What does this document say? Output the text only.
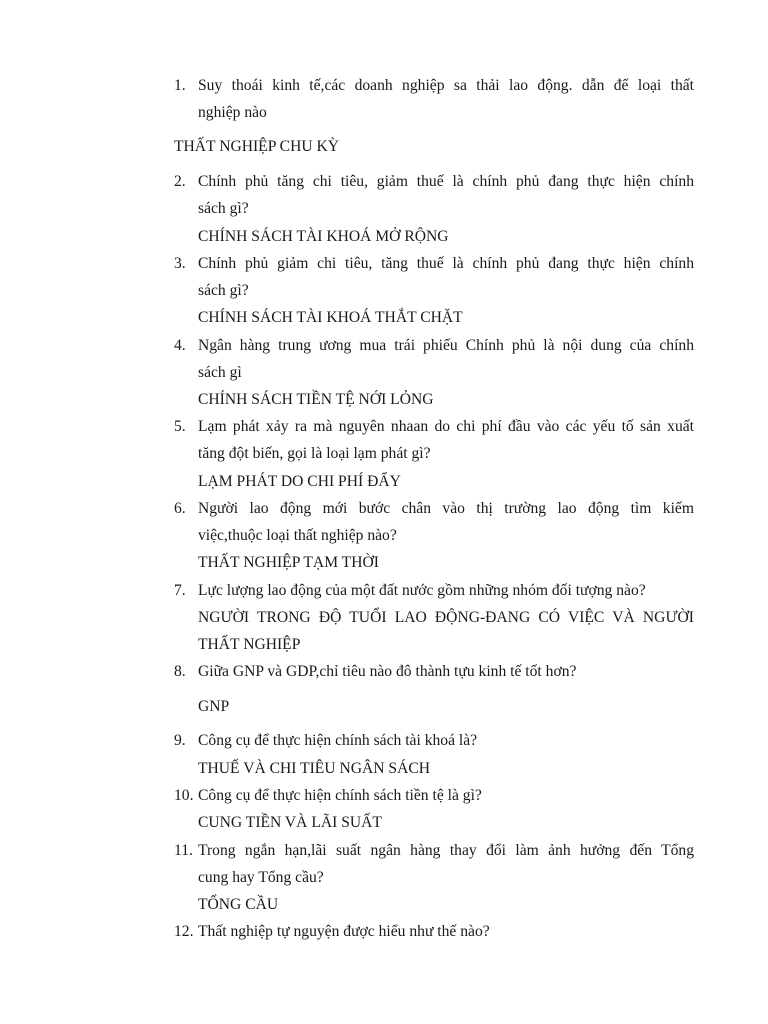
1. Suy thoái kinh tế,các doanh nghiệp sa thải lao động. dẫn để loại thất
nghiệp nào
THẤT NGHIỆP CHU KỲ
2. Chính phủ tăng chi tiêu, giảm thuế là chính phủ đang thực hiện chính
sách gì?
CHÍNH SÁCH TÀI KHOÁ MỞ RỘNG
3. Chính phủ giảm chi tiêu, tăng thuế là chính phủ đang thực hiện chính
sách gì?
CHÍNH SÁCH TÀI KHOÁ THẮT CHẶT
4. Ngân hàng trung ương mua trái phiếu Chính phủ là nội dung của chính
sách gì
CHÍNH SÁCH TIỀN TỆ NỚI LỎNG
5. Lạm phát xảy ra mà nguyên nhaan do chi phí đầu vào các yếu tố sản xuất
tăng đột biến, gọi là loại lạm phát gì?
LẠM PHÁT DO CHI PHÍ ĐẨY
6. Người lao động mới bước chân vào thị trường lao động tìm kiếm
việc,thuộc loại thất nghiệp nào?
THẤT NGHIỆP TẠM THỜI
7. Lực lượng lao động của một đất nước gồm những nhóm đối tượng nào?
NGƯỜI TRONG ĐỘ TUỔI LAO ĐỘNG-ĐANG CÓ VIỆC VÀ NGƯỜI
THẤT NGHIỆP
8. Giữa GNP và GDP,chỉ tiêu nào đô thành tựu kinh tế tốt hơn?
GNP
9. Công cụ để thực hiện chính sách tài khoá là?
THUẾ VÀ CHI TIÊU NGÂN SÁCH
10. Công cụ để thực hiện chính sách tiền tệ là gì?
CUNG TIỀN VÀ LÃI SUẤT
11. Trong ngắn hạn,lãi suất ngân hàng thay đổi làm ảnh hưởng đến Tổng
cung hay Tổng cầu?
TỔNG CẦU
12. Thất nghiệp tự nguyện được hiểu như thế nào?
